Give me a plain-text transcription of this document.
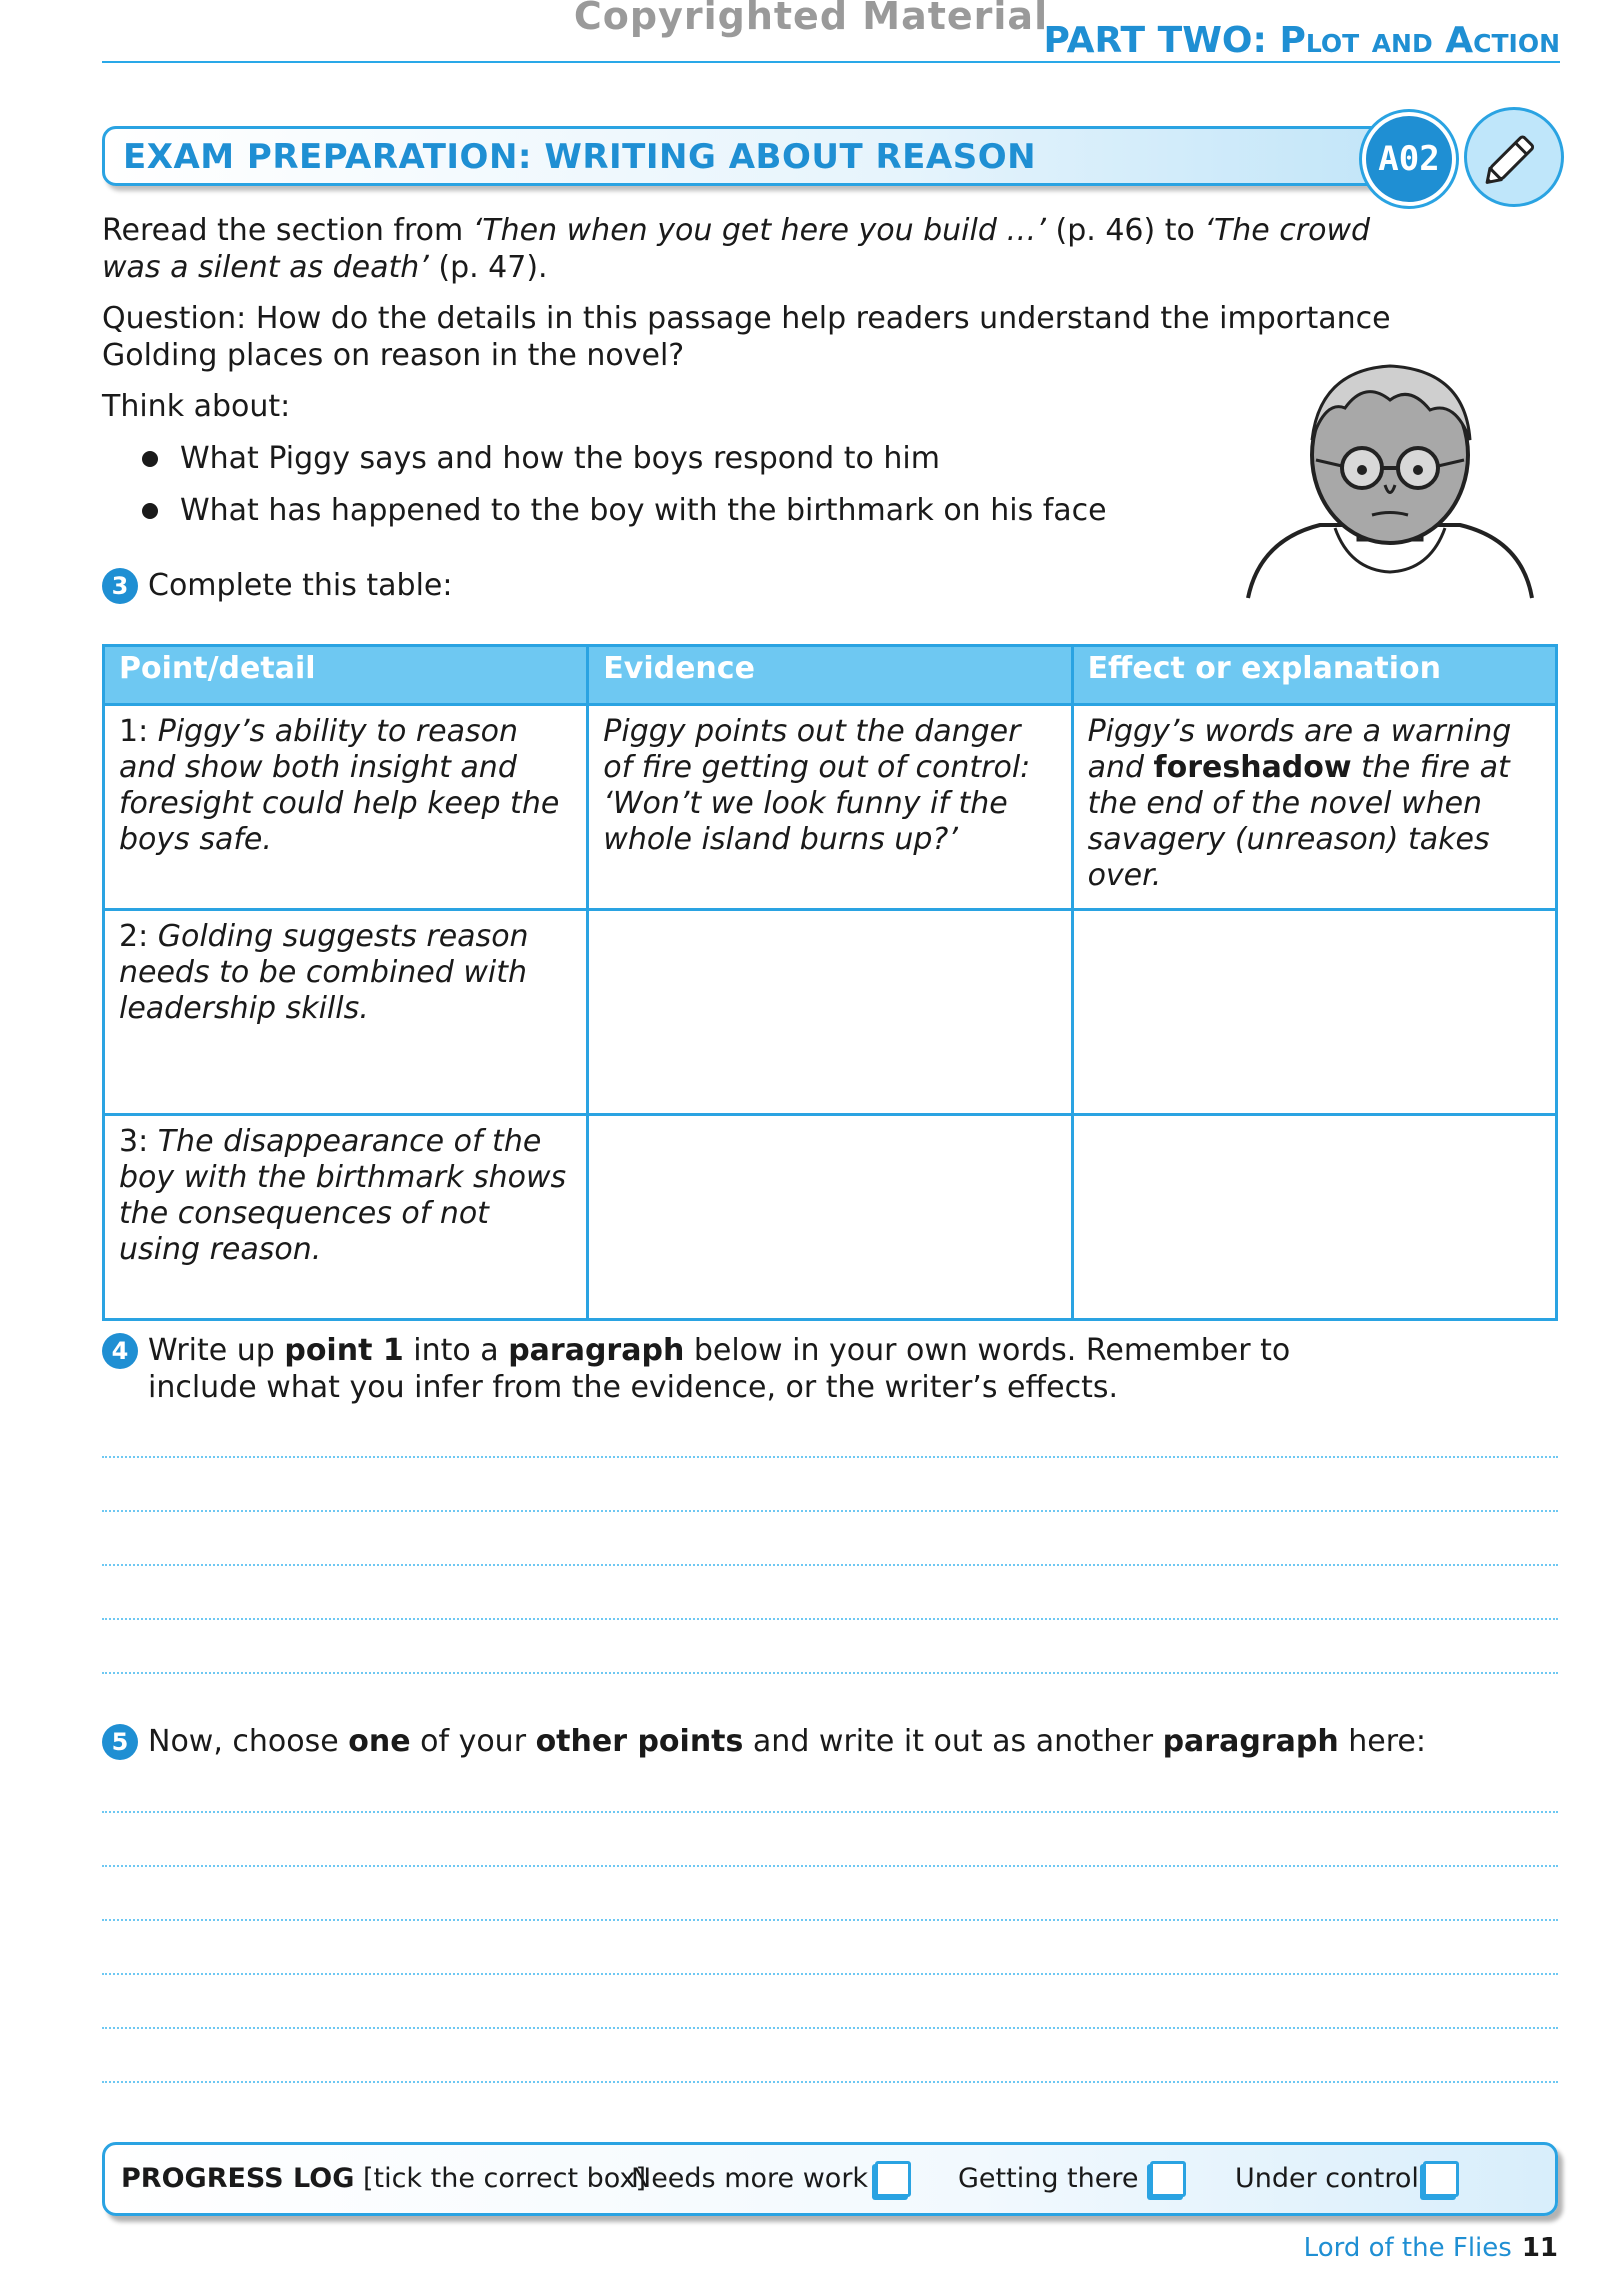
Copyrighted Material
PART TWO: Plot and Action
EXAM PREPARATION: WRITING ABOUT REASON	A02
Reread the section from ‘Then when you get here you build …’ (p. 46) to ‘The crowd
was a silent as death’ (p. 47).
Question: How do the details in this passage help readers understand the importance
Golding places on reason in the novel?
Think about:
What Piggy says and how the boys respond to him
What has happened to the boy with the birthmark on his face
3 Complete this table:
Point/detail	Evidence	Effect or explanation
1: Piggy’s ability to reason and show both insight and foresight could help keep the boys safe.	Piggy points out the danger of fire getting out of control: ‘Won’t we look funny if the whole island burns up?’	Piggy’s words are a warning and foreshadow the fire at the end of the novel when savagery (unreason) takes over.
2: Golding suggests reason needs to be combined with leadership skills.		
3: The disappearance of the boy with the birthmark shows the consequences of not using reason.		
4 Write up point 1 into a paragraph below in your own words. Remember to
include what you infer from the evidence, or the writer’s effects.
5 Now, choose one of your other points and write it out as another paragraph here:
PROGRESS LOG [tick the correct box]
Needs more work	Getting there	Under control
Lord of the Flies 11
